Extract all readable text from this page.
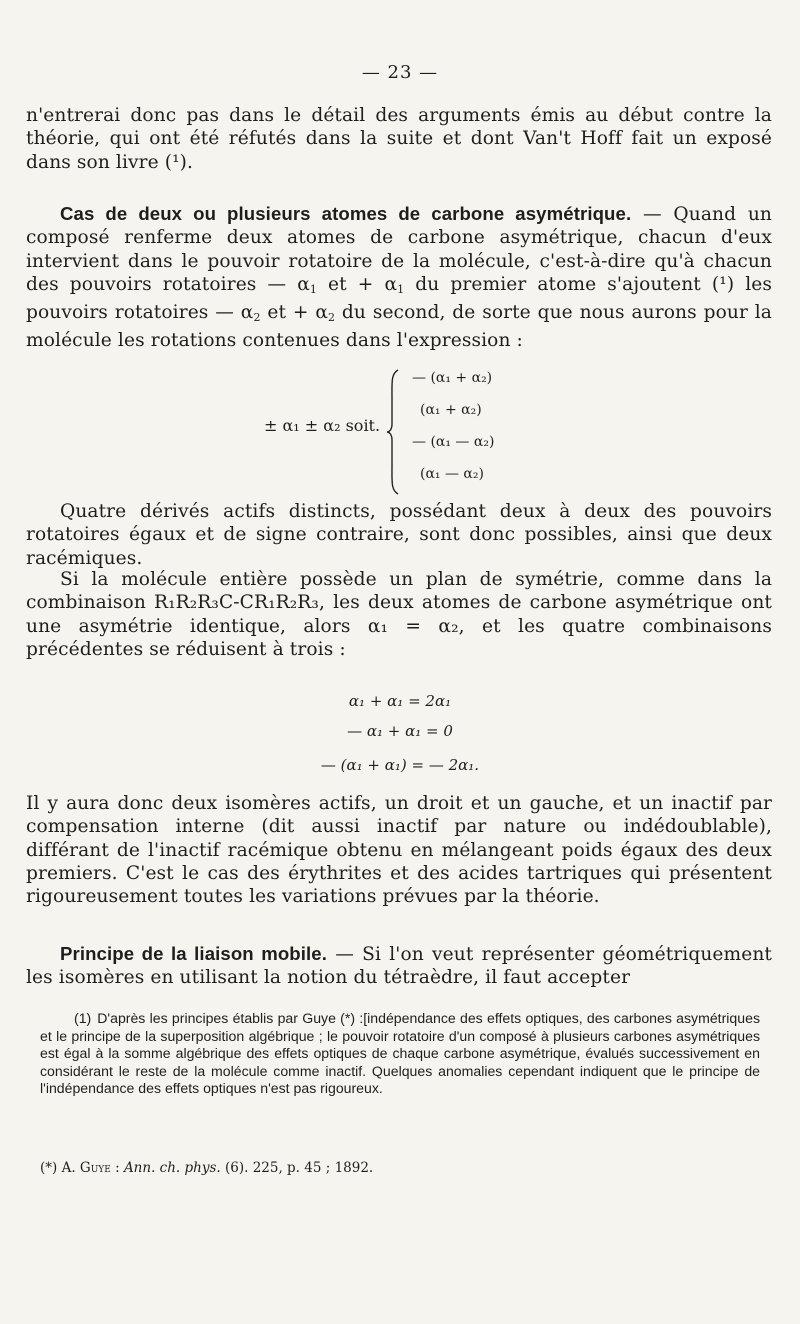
— 23 —
n'entrerai donc pas dans le détail des arguments émis au début contre la théorie, qui ont été réfutés dans la suite et dont Van't Hoff fait un exposé dans son livre (¹).
Cas de deux ou plusieurs atomes de carbone asymétrique. — Quand un composé renferme deux atomes de carbone asymétrique, chacun d'eux intervient dans le pouvoir rotatoire de la molécule, c'est-à-dire qu'à chacun des pouvoirs rotatoires — $\alpha_1$ et + $\alpha_1$ du premier atome s'ajoutent (¹) les pouvoirs rotatoires — $\alpha_2$ et + $\alpha_2$ du second, de sorte que nous aurons pour la molécule les rotations contenues dans l'expression :
± α₁ ± α₂ soit.
— (α₁ + α₂)
(α₁ + α₂)
— (α₁ — α₂)
(α₁ — α₂)
Quatre dérivés actifs distincts, possédant deux à deux des pouvoirs rotatoires égaux et de signe contraire, sont donc possibles, ainsi que deux racémiques.
Si la molécule entière possède un plan de symétrie, comme dans la combinaison R₁R₂R₃C-CR₁R₂R₃, les deux atomes de carbone asymétrique ont une asymétrie identique, alors α₁ = α₂, et les quatre combinaisons précédentes se réduisent à trois :
α₁ + α₁ = 2α₁
— α₁ + α₁ = 0
— (α₁ + α₁) = — 2α₁.
Il y aura donc deux isomères actifs, un droit et un gauche, et un inactif par compensation interne (dit aussi inactif par nature ou indédoublable), différant de l'inactif racémique obtenu en mélangeant poids égaux des deux premiers. C'est le cas des érythrites et des acides tartriques qui présentent rigoureusement toutes les variations prévues par la théorie.
Principe de la liaison mobile. — Si l'on veut représenter géométriquement les isomères en utilisant la notion du tétraèdre, il faut accepter
(1) D'après les principes établis par Guye (*) :[indépendance des effets optiques, des carbones asymétriques et le principe de la superposition algébrique ; le pouvoir rotatoire d'un composé à plusieurs carbones asymétriques est égal à la somme algébrique des effets optiques de chaque carbone asymétrique, évalués successivement en considérant le reste de la molécule comme inactif. Quelques anomalies cependant indiquent que le principe de l'indépendance des effets optiques n'est pas rigoureux.
(*) A. Guye : Ann. ch. phys. (6). 225, p. 45 ; 1892.
